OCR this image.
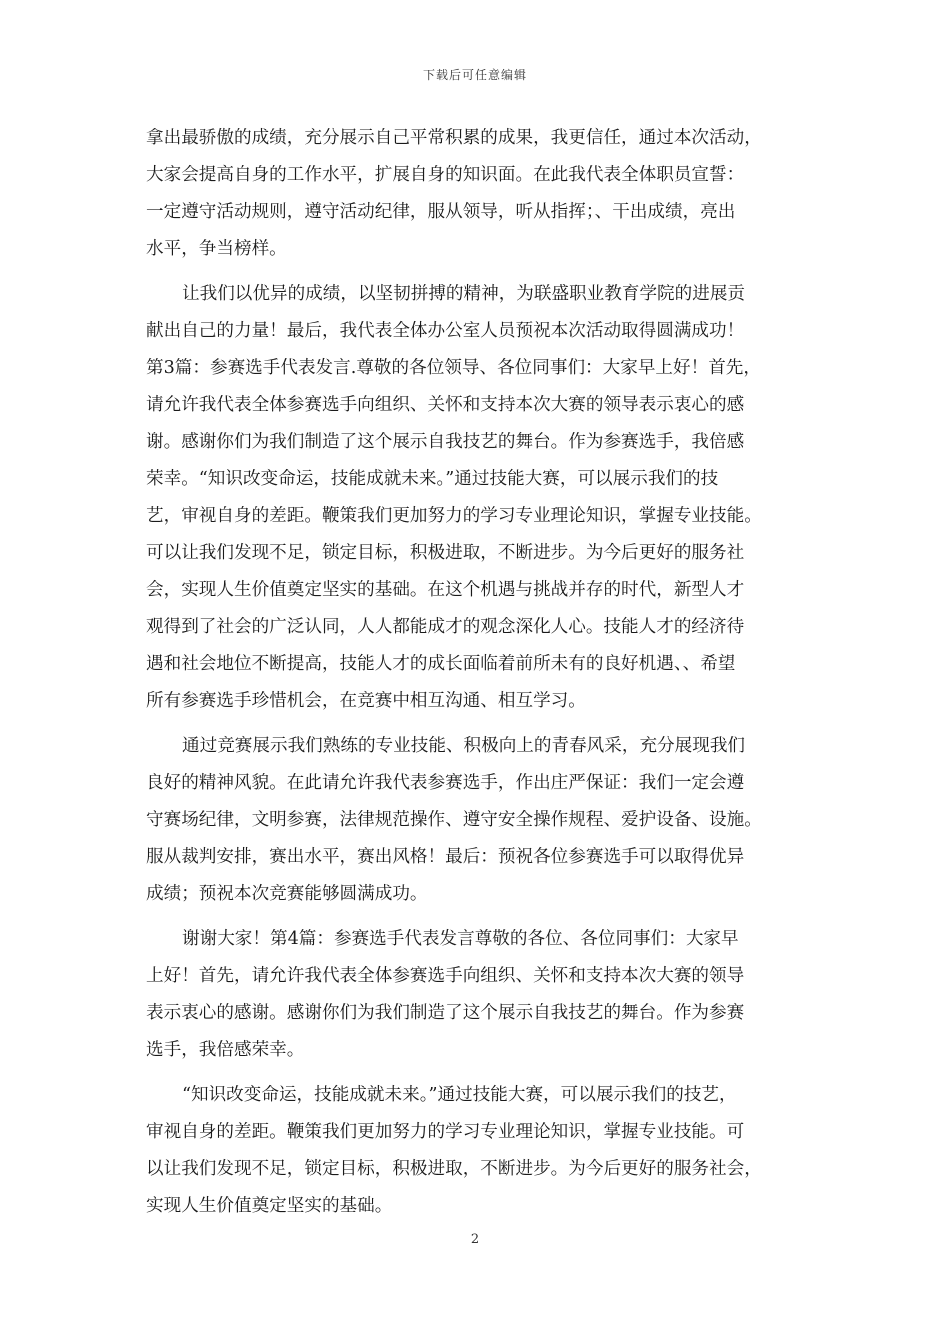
下载后可任意编辑
拿出最骄傲的成绩，充分展示自己平常积累的成果，我更信任，通过本次活动，
大家会提高自身的工作水平，扩展自身的知识面。在此我代表全体职员宣誓：
一定遵守活动规则，遵守活动纪律，服从领导，听从指挥；、干出成绩，亮出
水平，争当榜样。
让我们以优异的成绩，以坚韧拼搏的精神，为联盛职业教育学院的进展贡
献出自己的力量！最后，我代表全体办公室人员预祝本次活动取得圆满成功！
第3篇：参赛选手代表发言.尊敬的各位领导、各位同事们：大家早上好！首先，
请允许我代表全体参赛选手向组织、关怀和支持本次大赛的领导表示衷心的感
谢。感谢你们为我们制造了这个展示自我技艺的舞台。作为参赛选手，我倍感
荣幸。“知识改变命运，技能成就未来。”通过技能大赛，可以展示我们的技
艺，审视自身的差距。鞭策我们更加努力的学习专业理论知识，掌握专业技能。
可以让我们发现不足，锁定目标，积极进取，不断进步。为今后更好的服务社
会，实现人生价值奠定坚实的基础。在这个机遇与挑战并存的时代，新型人才
观得到了社会的广泛认同，人人都能成才的观念深化人心。技能人才的经济待
遇和社会地位不断提高，技能人才的成长面临着前所未有的良好机遇、、希望
所有参赛选手珍惜机会，在竞赛中相互沟通、相互学习。
通过竞赛展示我们熟练的专业技能、积极向上的青春风采，充分展现我们
良好的精神风貌。在此请允许我代表参赛选手，作出庄严保证：我们一定会遵
守赛场纪律，文明参赛，法律规范操作、遵守安全操作规程、爱护设备、设施。
服从裁判安排，赛出水平，赛出风格！最后：预祝各位参赛选手可以取得优异
成绩；预祝本次竞赛能够圆满成功。
谢谢大家！第4篇：参赛选手代表发言尊敬的各位、各位同事们：大家早
上好！首先，请允许我代表全体参赛选手向组织、关怀和支持本次大赛的领导
表示衷心的感谢。感谢你们为我们制造了这个展示自我技艺的舞台。作为参赛
选手，我倍感荣幸。
“知识改变命运，技能成就未来。”通过技能大赛，可以展示我们的技艺，
审视自身的差距。鞭策我们更加努力的学习专业理论知识，掌握专业技能。可
以让我们发现不足，锁定目标，积极进取，不断进步。为今后更好的服务社会，
实现人生价值奠定坚实的基础。
2
